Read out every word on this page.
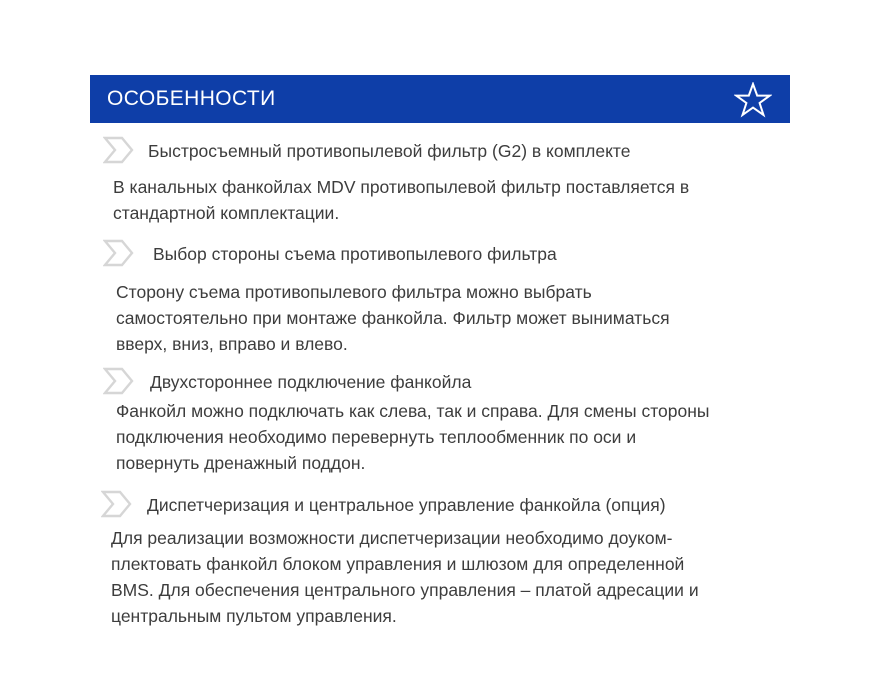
ОСОБЕННОСТИ
Быстросъемный противопылевой фильтр (G2) в комплекте
В канальных фанкойлах MDV противопылевой фильтр поставляется в
стандартной комплектации.
Выбор стороны съема противопылевого фильтра
Сторону съема противопылевого фильтра можно выбрать
самостоятельно при монтаже фанкойла. Фильтр может выниматься
вверх, вниз, вправо и влево.
Двухстороннее подключение фанкойла
Фанкойл можно подключать как слева, так и справа. Для смены стороны
подключения необходимо перевернуть теплообменник по оси и
повернуть дренажный поддон.
Диспетчеризация и центральное управление фанкойла (опция)
Для реализации возможности диспетчеризации необходимо доуком-
плектовать фанкойл блоком управления и шлюзом для определенной
BMS. Для обеспечения центрального управления – платой адресации и
центральным пультом управления.
